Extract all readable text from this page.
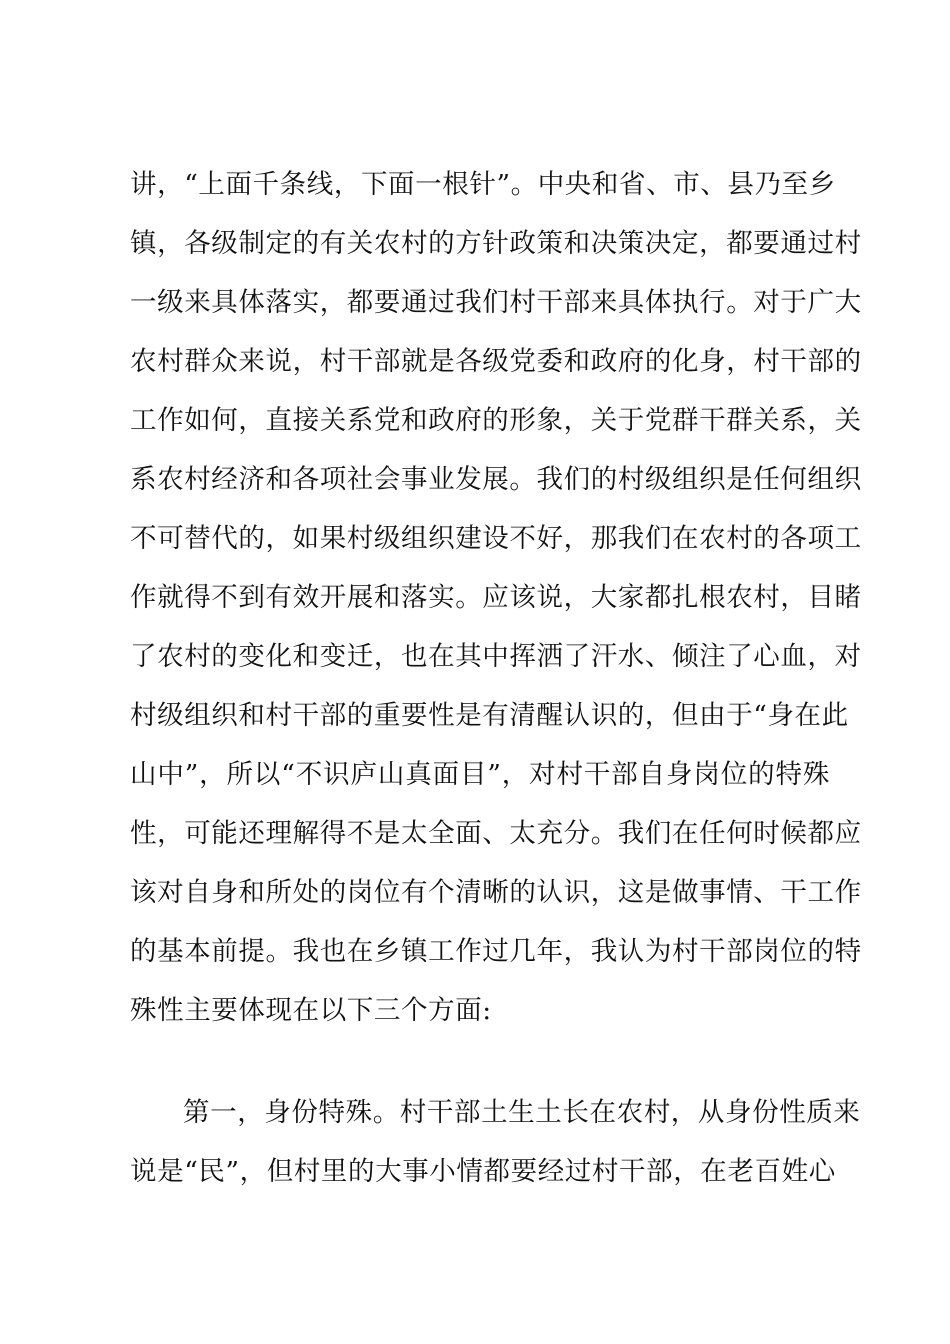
讲，“上面千条线，下面一根针”。中央和省、市、县乃至乡
镇，各级制定的有关农村的方针政策和决策决定，都要通过村
一级来具体落实，都要通过我们村干部来具体执行。对于广大
农村群众来说，村干部就是各级党委和政府的化身，村干部的
工作如何，直接关系党和政府的形象，关于党群干群关系，关
系农村经济和各项社会事业发展。我们的村级组织是任何组织
不可替代的，如果村级组织建设不好，那我们在农村的各项工
作就得不到有效开展和落实。应该说，大家都扎根农村，目睹
了农村的变化和变迁，也在其中挥洒了汗水、倾注了心血，对
村级组织和村干部的重要性是有清醒认识的，但由于“身在此
山中”，所以“不识庐山真面目”，对村干部自身岗位的特殊
性，可能还理解得不是太全面、太充分。我们在任何时候都应
该对自身和所处的岗位有个清晰的认识，这是做事情、干工作
的基本前提。我也在乡镇工作过几年，我认为村干部岗位的特
殊性主要体现在以下三个方面:
第一，身份特殊。村干部土生土长在农村，从身份性质来
说是“民”，但村里的大事小情都要经过村干部，在老百姓心
